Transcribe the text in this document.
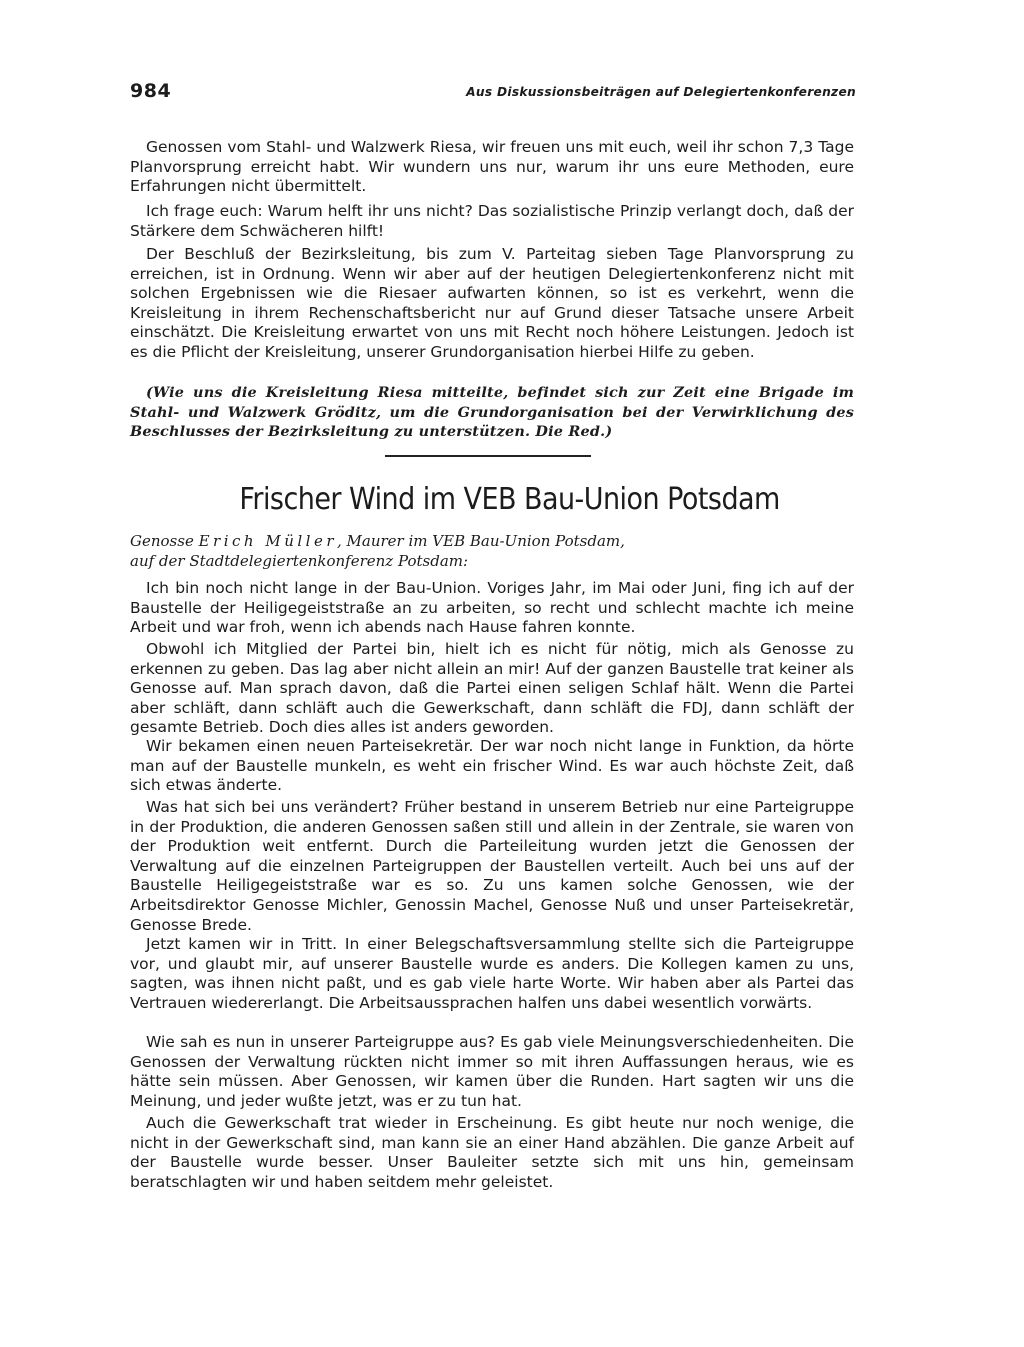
984	Aus Diskussionsbeiträgen auf Delegiertenkonferenzen

Genossen vom Stahl- und Walzwerk Riesa, wir freuen uns mit euch, weil ihr schon 7,3 Tage Planvorsprung erreicht habt. Wir wundern uns nur, warum ihr uns eure Methoden, eure Erfahrungen nicht übermittelt.

Ich frage euch: Warum helft ihr uns nicht? Das sozialistische Prinzip verlangt doch, daß der Stärkere dem Schwächeren hilft!

Der Beschluß der Bezirksleitung, bis zum V. Parteitag sieben Tage Planvorsprung zu erreichen, ist in Ordnung. Wenn wir aber auf der heutigen Delegiertenkonferenz nicht mit solchen Ergebnissen wie die Riesaer aufwarten können, so ist es verkehrt, wenn die Kreisleitung in ihrem Rechenschaftsbericht nur auf Grund dieser Tatsache unsere Arbeit einschätzt. Die Kreisleitung erwartet von uns mit Recht noch höhere Leistungen. Jedoch ist es die Pflicht der Kreisleitung, unserer Grundorganisation hierbei Hilfe zu geben.

(Wie uns die Kreisleitung Riesa mitteilte, befindet sich zur Zeit eine Brigade im Stahl- und Walzwerk Gröditz, um die Grundorganisation bei der Verwirklichung des Beschlusses der Bezirksleitung zu unterstützen. Die Red.)

Frischer Wind im VEB Bau-Union Potsdam

Genosse Erich Müller, Maurer im VEB Bau-Union Potsdam,
auf der Stadtdelegiertenkonferenz Potsdam:

Ich bin noch nicht lange in der Bau-Union. Voriges Jahr, im Mai oder Juni, fing ich auf der Baustelle der Heiligegeiststraße an zu arbeiten, so recht und schlecht machte ich meine Arbeit und war froh, wenn ich abends nach Hause fahren konnte.

Obwohl ich Mitglied der Partei bin, hielt ich es nicht für nötig, mich als Genosse zu erkennen zu geben. Das lag aber nicht allein an mir! Auf der ganzen Baustelle trat keiner als Genosse auf. Man sprach davon, daß die Partei einen seligen Schlaf hält. Wenn die Partei aber schläft, dann schläft auch die Gewerkschaft, dann schläft die FDJ, dann schläft der gesamte Betrieb. Doch dies alles ist anders geworden.

Wir bekamen einen neuen Parteisekretär. Der war noch nicht lange in Funktion, da hörte man auf der Baustelle munkeln, es weht ein frischer Wind. Es war auch höchste Zeit, daß sich etwas änderte.

Was hat sich bei uns verändert? Früher bestand in unserem Betrieb nur eine Parteigruppe in der Produktion, die anderen Genossen saßen still und allein in der Zentrale, sie waren von der Produktion weit entfernt. Durch die Parteileitung wurden jetzt die Genossen der Verwaltung auf die einzelnen Parteigruppen der Baustellen verteilt. Auch bei uns auf der Baustelle Heiligegeiststraße war es so. Zu uns kamen solche Genossen, wie der Arbeitsdirektor Genosse Michler, Genossin Machel, Genosse Nuß und unser Parteisekretär, Genosse Brede.

Jetzt kamen wir in Tritt. In einer Belegschaftsversammlung stellte sich die Parteigruppe vor, und glaubt mir, auf unserer Baustelle wurde es anders. Die Kollegen kamen zu uns, sagten, was ihnen nicht paßt, und es gab viele harte Worte. Wir haben aber als Partei das Vertrauen wiedererlangt. Die Arbeitsaussprachen halfen uns dabei wesentlich vorwärts.

Wie sah es nun in unserer Parteigruppe aus? Es gab viele Meinungsverschiedenheiten. Die Genossen der Verwaltung rückten nicht immer so mit ihren Auffassungen heraus, wie es hätte sein müssen. Aber Genossen, wir kamen über die Runden. Hart sagten wir uns die Meinung, und jeder wußte jetzt, was er zu tun hat.

Auch die Gewerkschaft trat wieder in Erscheinung. Es gibt heute nur noch wenige, die nicht in der Gewerkschaft sind, man kann sie an einer Hand abzählen. Die ganze Arbeit auf der Baustelle wurde besser. Unser Bauleiter setzte sich mit uns hin, gemeinsam beratschlagten wir und haben seitdem mehr geleistet.
